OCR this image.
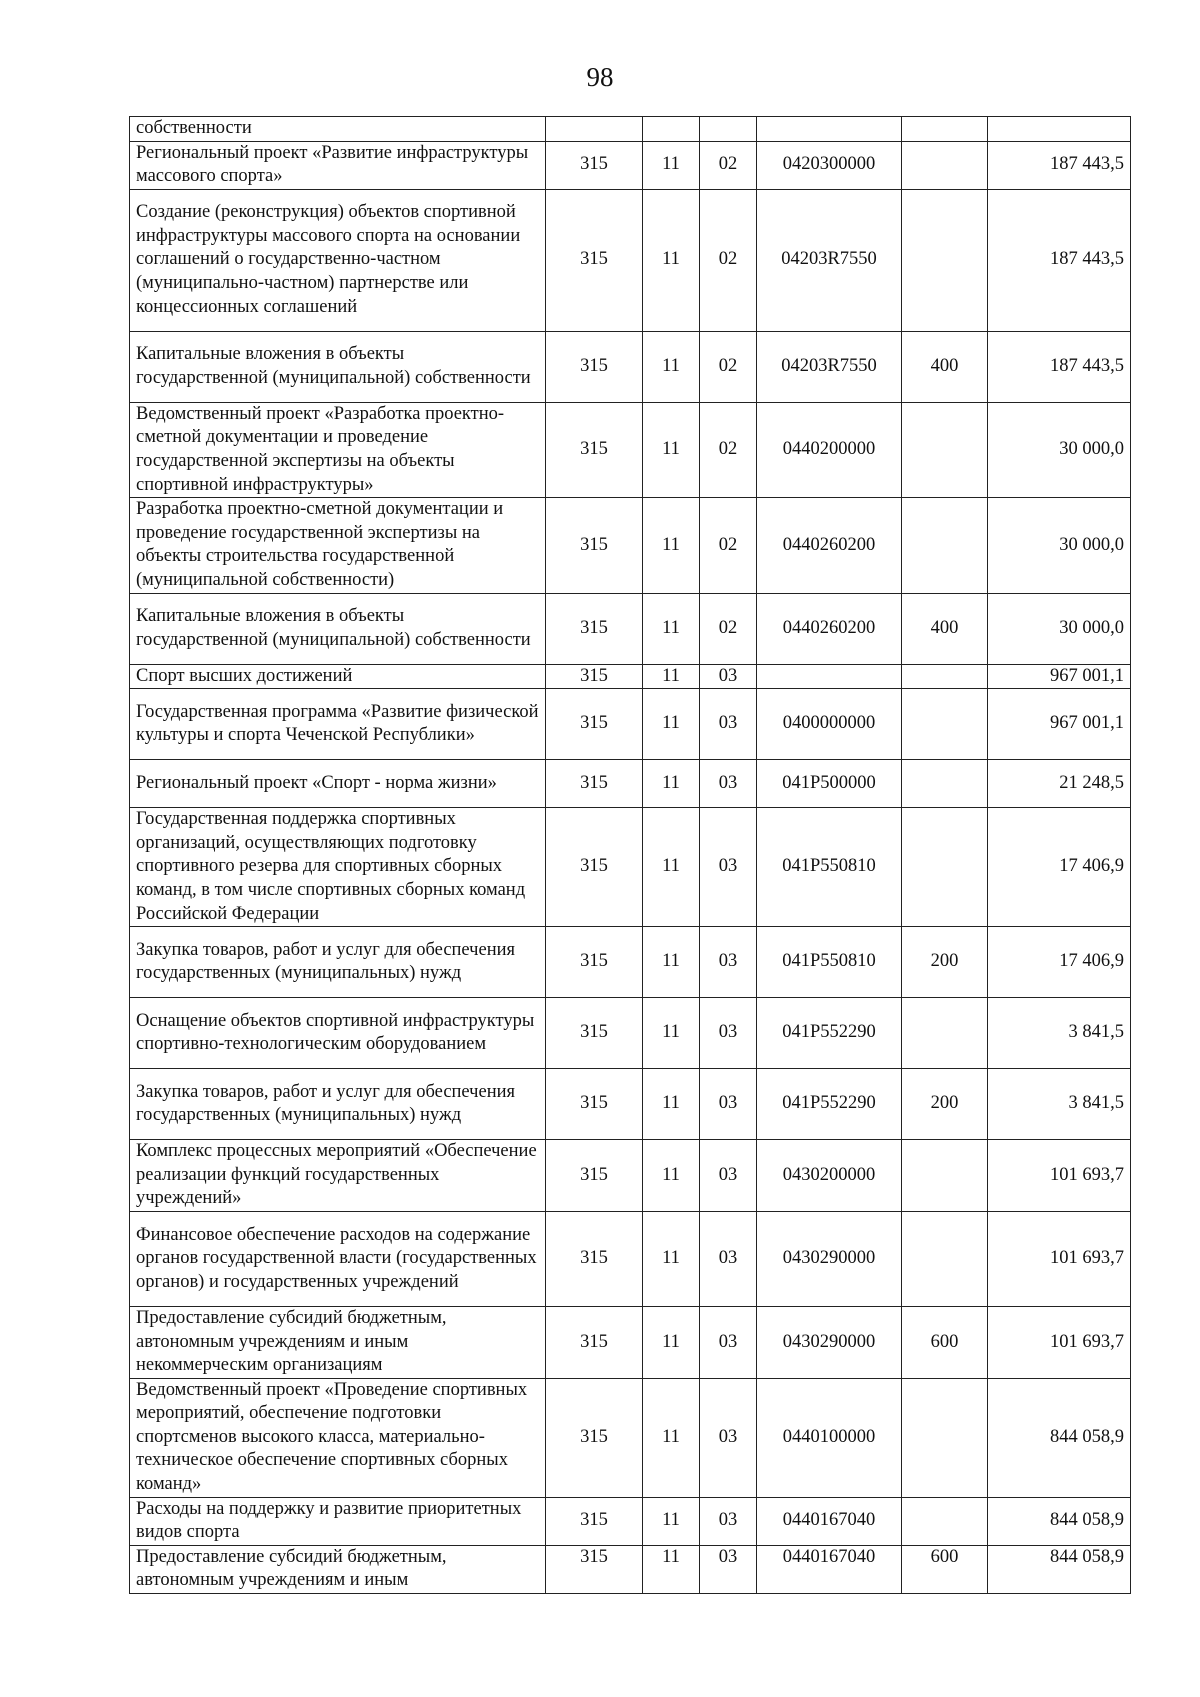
98
собственности						
Региональный проект «Развитие инфраструктуры массового спорта»	315	11	02	0420300000		187 443,5
Создание (реконструкция) объектов спортивной инфраструктуры массового спорта на основании соглашений о государственно-частном (муниципально-частном) партнерстве или концессионных соглашений	315	11	02	04203R7550		187 443,5
Капитальные вложения в объекты государственной (муниципальной) собственности	315	11	02	04203R7550	400	187 443,5
Ведомственный проект «Разработка проектно-сметной документации и проведение государственной экспертизы на объекты спортивной инфраструктуры»	315	11	02	0440200000		30 000,0
Разработка проектно-сметной документации и проведение государственной экспертизы на объекты строительства государственной (муниципальной собственности)	315	11	02	0440260200		30 000,0
Капитальные вложения в объекты государственной (муниципальной) собственности	315	11	02	0440260200	400	30 000,0
Спорт высших достижений	315	11	03			967 001,1
Государственная программа «Развитие физической культуры и спорта Чеченской Республики»	315	11	03	0400000000		967 001,1
Региональный проект «Спорт - норма жизни»	315	11	03	041P500000		21 248,5
Государственная поддержка спортивных организаций, осуществляющих подготовку спортивного резерва для спортивных сборных команд, в том числе спортивных сборных команд Российской Федерации	315	11	03	041P550810		17 406,9
Закупка товаров, работ и услуг для обеспечения государственных (муниципальных) нужд	315	11	03	041P550810	200	17 406,9
Оснащение объектов спортивной инфраструктуры спортивно-технологическим оборудованием	315	11	03	041P552290		3 841,5
Закупка товаров, работ и услуг для обеспечения государственных (муниципальных) нужд	315	11	03	041P552290	200	3 841,5
Комплекс процессных мероприятий «Обеспечение реализации функций государственных учреждений»	315	11	03	0430200000		101 693,7
Финансовое обеспечение расходов на содержание органов государственной власти (государственных органов) и государственных учреждений	315	11	03	0430290000		101 693,7
Предоставление субсидий бюджетным, автономным учреждениям и иным некоммерческим организациям	315	11	03	0430290000	600	101 693,7
Ведомственный проект «Проведение спортивных мероприятий, обеспечение подготовки спортсменов высокого класса, материально-техническое обеспечение спортивных сборных команд»	315	11	03	0440100000		844 058,9
Расходы на поддержку и развитие приоритетных видов спорта	315	11	03	0440167040		844 058,9
Предоставление субсидий бюджетным, автономным учреждениям и иным	315	11	03	0440167040	600	844 058,9
